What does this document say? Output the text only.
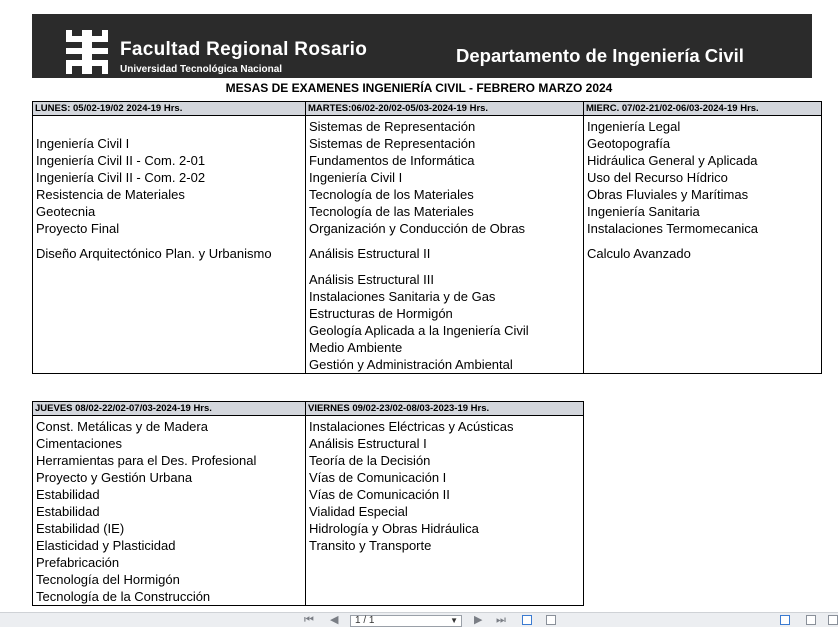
Facultad Regional Rosario
Universidad Tecnológica Nacional
Departamento de Ingeniería Civil
MESAS DE EXAMENES INGENIERÍA CIVIL - FEBRERO MARZO 2024
LUNES: 05/02-19/02 2024-19 Hrs.
Ingeniería Civil I
Ingeniería Civil II - Com. 2-01
Ingeniería Civil II - Com. 2-02
Resistencia de Materiales
Geotecnia
Proyecto Final
Diseño Arquitectónico Plan. y Urbanismo
MARTES:06/02-20/02-05/03-2024-19 Hrs.
Sistemas de Representación
Sistemas de Representación
Fundamentos de Informática
Ingeniería Civil I
Tecnología de los Materiales
Tecnología de las Materiales
Organización y Conducción de Obras
Análisis Estructural II
Análisis Estructural III
Instalaciones Sanitaria y de Gas
Estructuras de Hormigón
Geología Aplicada a la Ingeniería Civil
Medio Ambiente
Gestión y Administración Ambiental
MIERC. 07/02-21/02-06/03-2024-19 Hrs.
Ingeniería Legal
Geotopografía
Hidráulica General y Aplicada
Uso del Recurso Hídrico
Obras Fluviales y Marítimas
Ingeniería Sanitaria
Instalaciones Termomecanica
Calculo Avanzado
JUEVES 08/02-22/02-07/03-2024-19 Hrs.
Const. Metálicas y de Madera
Cimentaciones
Herramientas para el Des. Profesional
Proyecto y Gestión Urbana
Estabilidad
Estabilidad
Estabilidad (IE)
Elasticidad y Plasticidad
Prefabricación
Tecnología del Hormigón
Tecnología de la Construcción
VIERNES 09/02-23/02-08/03-2023-19 Hrs.
Instalaciones Eléctricas y Acústicas
Análisis Estructural I
Teoría de la Decisión
Vías de Comunicación I
Vías de Comunicación II
Vialidad Especial
Hidrología y Obras Hidráulica
Transito y Transporte
⏮ ◀	1 / 1	▼ ▶ ⏭
